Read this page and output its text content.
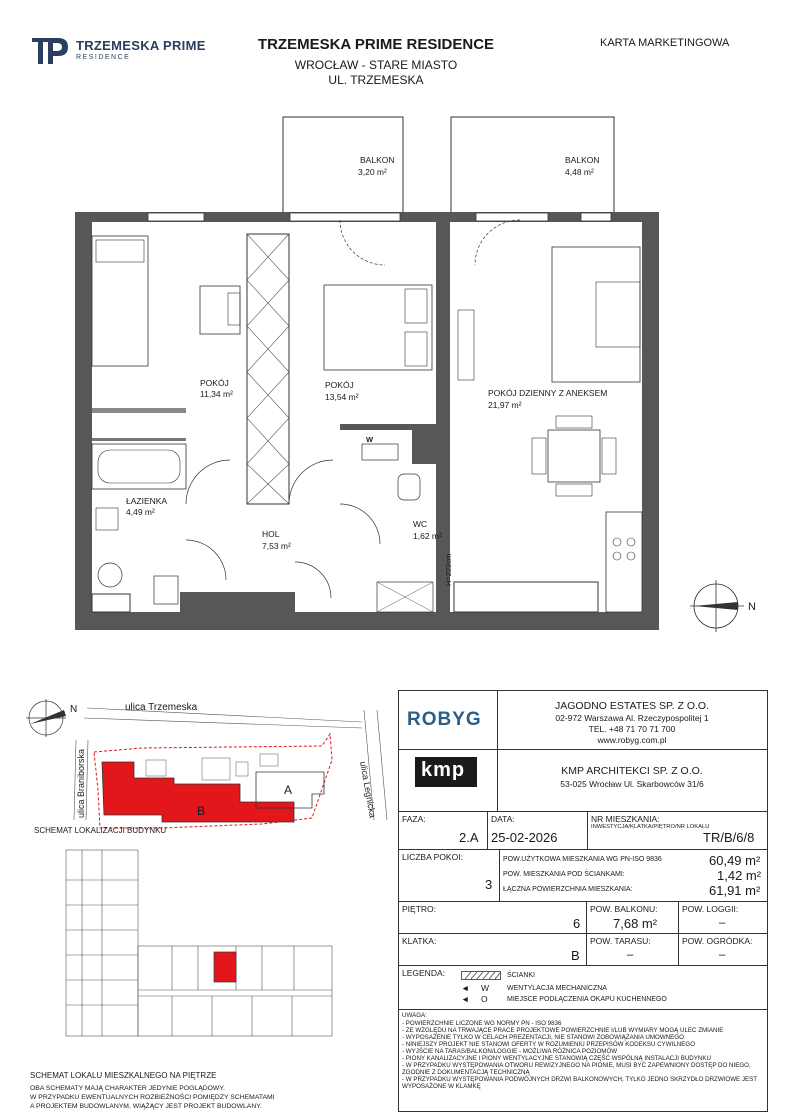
TRZEMESKA PRIME
RESIDENCE
TRZEMESKA PRIME RESIDENCE
WROCŁAW - STARE MIASTO
UL. TRZEMESKA
KARTA MARKETINGOWA
BALKON
3,20 m²
BALKON
4,48 m²
POKÓJ
11,34 m²
POKÓJ
13,54 m²	POKÓJ DZIENNY Z ANEKSEM
21,97 m²
ŁAZIENKA
4,49 m²
HOL
7,53 m²
WC
1,62 m²
H=222cm
W
N
N	ulica Trzemeska
ulica Braniborska	ulica Legnicka
B
A
SCHEMAT LOKALIZACJI BUDYNKU
SCHEMAT LOKALU MIESZKALNEGO NA PIĘTRZE
OBA SCHEMATY MAJĄ CHARAKTER JEDYNIE POGLĄDOWY.
W PRZYPADKU EWENTUALNYCH ROZBIEŻNOŚCI POMIĘDZY SCHEMATAMI
A PROJEKTEM BUDOWLANYM, WIĄŻĄCY JEST PROJEKT BUDOWLANY.
ROBYG
JAGODNO ESTATES SP. Z O.O.
02-972 Warszawa Al. Rzeczypospolitej 1
TEL. +48 71 70 71 700
www.robyg.com.pl
kmp	KMP ARCHITEKCI SP. Z O.O.
53-025 Wrocław Ul. Skarbowców 31/6
FAZA:
2.A
DATA:
25-02-2026
NR MIESZKANIA:
INWESTYCJA/KLATKA/PIĘTRO/NR LOKALU
TR/B/6/8
LICZBA POKOI:
3
POW.UŻYTKOWA MIESZKANIA WG PN-ISO 9836	60,49 m²
POW. MIESZKANIA POD ŚCIANKAMI:	1,42 m²
ŁĄCZNA POWIERZCHNIA MIESZKANIA:	61,91 m²
PIĘTRO:
6
POW. BALKONU:
7,68 m²
POW. LOGGII:
–
KLATKA:
B
POW. TARASU:
–
POW. OGRÓDKA:
–
LEGENDA:	ŚCIANKI
◄ W	WENTYLACJA MECHANICZNA
◄ O	MIEJSCE PODŁĄCZENIA OKAPU KUCHENNEGO
UWAGA:
- POWIERZCHNIE LICZONE WG NORMY PN - ISO 9836
- ZE WZGLĘDU NA TRWAJĄCE PRACE PROJEKTOWE POWIERZCHNIE I/LUB WYMIARY MOGĄ ULEC ZMIANIE
- WYPOSAŻENIE TYLKO W CELACH PREZENTACJI, NIE STANOWI ZOBOWIĄZANIA UMOWNEGO
- NINIEJSZY PROJEKT NIE STANOWI OFERTY W ROZUMIENIU PRZEPISÓW KODEKSU CYWILNEGO
- WYJŚCIE NA TARAS/BALKON/LOGGIE - MOŻLIWA RÓŻNICA POZIOMÓW
- PIONY KANALIZACYJNE I PIONY WENTYLACYJNE STANOWIĄ CZĘŚĆ WSPÓLNĄ INSTALACJI BUDYNKU
- W PRZYPADKU WYSTĘPOWANIA OTWORU REWIZYJNEGO NA PIONIE, MUSI BYĆ ZAPEWNIONY DOSTĘP DO NIEGO,
ZGODNIE Z DOKUMENTACJĄ TECHNICZNĄ
- W PRZYPADKU WYSTĘPOWANIA PODWÓJNYCH DRZWI BALKONOWYCH, TYLKO JEDNO SKRZYDŁO DRZWIOWE JEST
WYPOSAŻONE W KLAMKĘ
